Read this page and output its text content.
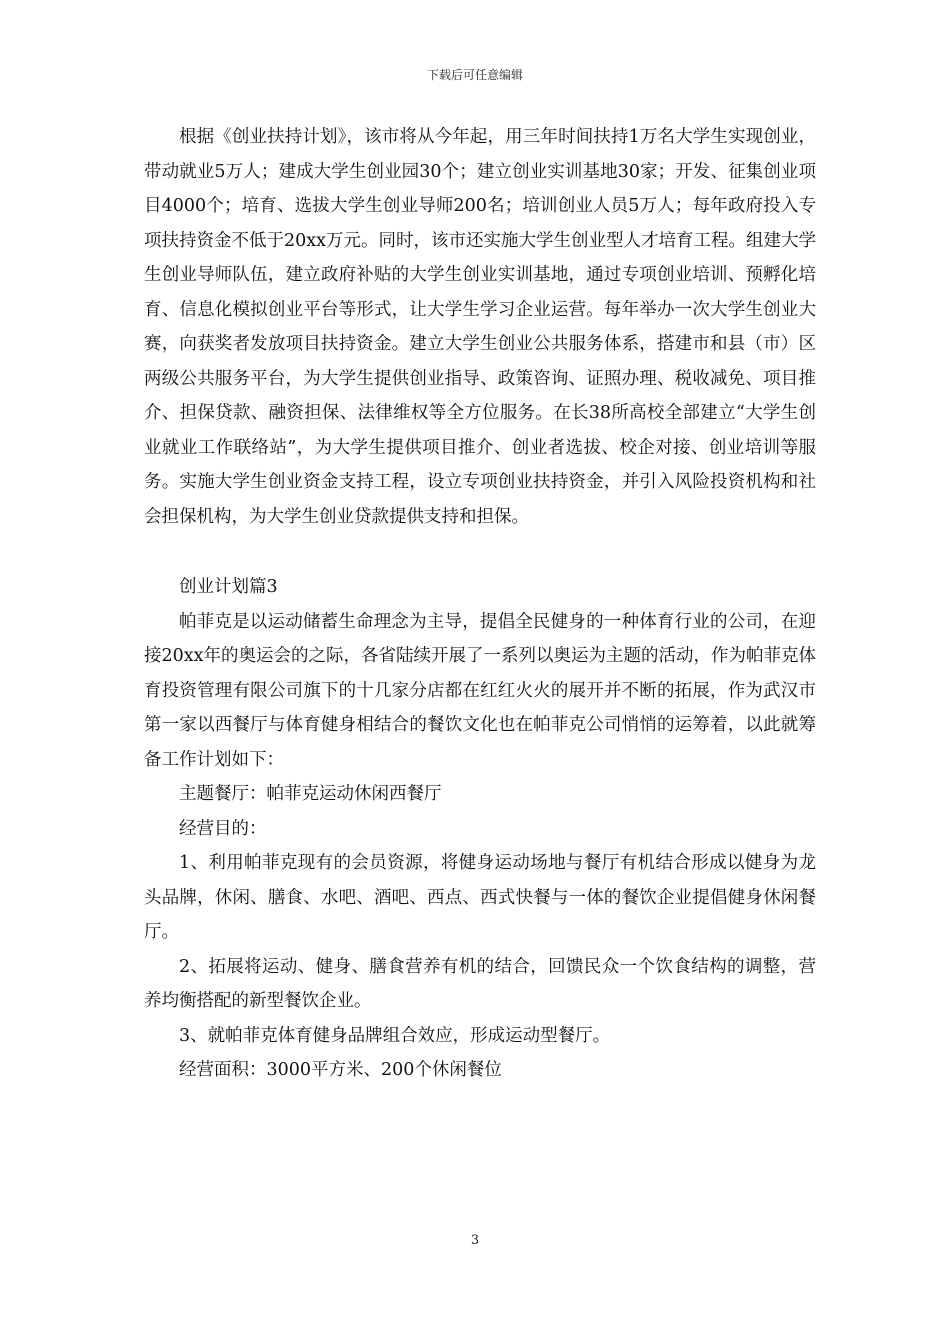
下载后可任意编辑

根据《创业扶持计划》，该市将从今年起，用三年时间扶持1万名大学生实现创业，带动就业5万人；建成大学生创业园30个；建立创业实训基地30家；开发、征集创业项目4000个；培育、选拔大学生创业导师200名；培训创业人员5万人；每年政府投入专项扶持资金不低于20xx万元。同时，该市还实施大学生创业型人才培育工程。组建大学生创业导师队伍，建立政府补贴的大学生创业实训基地，通过专项创业培训、预孵化培育、信息化模拟创业平台等形式，让大学生学习企业运营。每年举办一次大学生创业大赛，向获奖者发放项目扶持资金。建立大学生创业公共服务体系，搭建市和县（市）区两级公共服务平台，为大学生提供创业指导、政策咨询、证照办理、税收减免、项目推介、担保贷款、融资担保、法律维权等全方位服务。在长38所高校全部建立“大学生创业就业工作联络站”，为大学生提供项目推介、创业者选拔、校企对接、创业培训等服务。实施大学生创业资金支持工程，设立专项创业扶持资金，并引入风险投资机构和社会担保机构，为大学生创业贷款提供支持和担保。

创业计划篇3

帕菲克是以运动储蓄生命理念为主导，提倡全民健身的一种体育行业的公司，在迎接20xx年的奥运会的之际，各省陆续开展了一系列以奥运为主题的活动，作为帕菲克体育投资管理有限公司旗下的十几家分店都在红红火火的展开并不断的拓展，作为武汉市第一家以西餐厅与体育健身相结合的餐饮文化也在帕菲克公司悄悄的运筹着，以此就筹备工作计划如下：

主题餐厅：帕菲克运动休闲西餐厅

经营目的：

1、利用帕菲克现有的会员资源，将健身运动场地与餐厅有机结合形成以健身为龙头品牌，休闲、膳食、水吧、酒吧、西点、西式快餐与一体的餐饮企业提倡健身休闲餐厅。

2、拓展将运动、健身、膳食营养有机的结合，回馈民众一个饮食结构的调整，营养均衡搭配的新型餐饮企业。

3、就帕菲克体育健身品牌组合效应，形成运动型餐厅。

经营面积：3000平方米、200个休闲餐位

3
